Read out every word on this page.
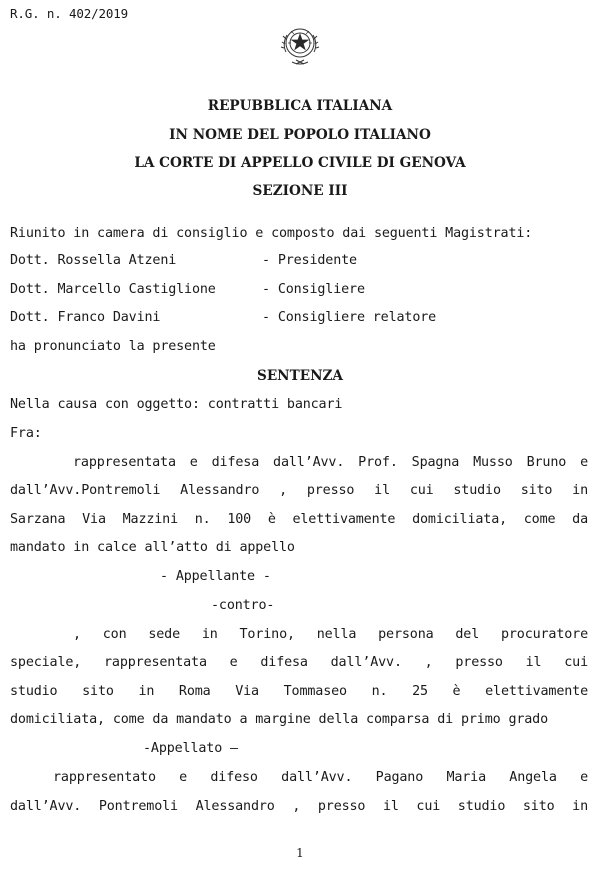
R.G. n. 402/2019
REPUBBLICA ITALIANA
IN NOME DEL POPOLO ITALIANO
LA CORTE DI APPELLO CIVILE DI GENOVA
SEZIONE III
Riunito in camera di consiglio e composto dai seguenti Magistrati:
Dott. Rossella Atzeni	- Presidente
Dott. Marcello Castiglione	- Consigliere
Dott. Franco Davini	- Consigliere relatore
ha pronunciato la presente
SENTENZA
Nella causa con oggetto: contratti bancari
Fra:
rappresentata e difesa dall’Avv. Prof. Spagna Musso Bruno e
dall’Avv.Pontremoli Alessandro , presso il cui studio sito in
Sarzana Via Mazzini n. 100 è elettivamente domiciliata, come da
mandato in calce all’atto di appello
- Appellante -
-contro-
, con sede in Torino, nella persona del procuratore
speciale, rappresentata e difesa dall’Avv. , presso il cui
studio sito in Roma Via Tommaseo n. 25 è elettivamente
domiciliata, come da mandato a margine della comparsa di primo grado
-Appellato –
rappresentato e difeso dall’Avv. Pagano Maria Angela e
dall’Avv. Pontremoli Alessandro , presso il cui studio sito in
1
